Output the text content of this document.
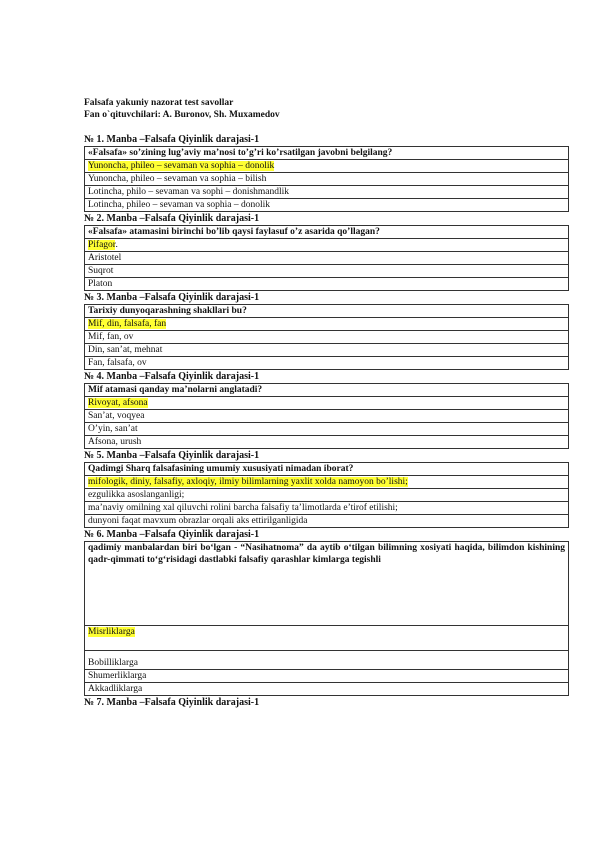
Falsafa yakuniy nazorat test savollar
Fan o`qituvchilari: A. Buronov, Sh. Muxamedov
№ 1. Manba –Falsafa Qiyinlik darajasi-1
«Falsafa» so’zining lug’aviy ma’nosi to’g’ri ko’rsatilgan javobni belgilang?
Yunoncha, phileo – sevaman va sophia – donolik
Yunoncha, phileo – sevaman va sophia – bilish
Lotincha, philo – sevaman va sophi – donishmandlik
Lotincha, phileo – sevaman va sophia – donolik
№ 2. Manba –Falsafa Qiyinlik darajasi-1
«Falsafa» atamasini birinchi bo’lib qaysi faylasuf o’z asarida qo’llagan?
Pifagor.
Aristotel
Suqrot
Platon
№ 3. Manba –Falsafa Qiyinlik darajasi-1
Tarixiy dunyoqarashning shakllari bu?
Mif, din, falsafa, fan
Mif, fan, ov
Din, san’at, mehnat
Fan, falsafa, ov
№ 4. Manba –Falsafa Qiyinlik darajasi-1
Mif atamasi qanday ma’nolarni anglatadi?
Rivoyat, afsona
San’at, voqyea
O’yin, san’at
Afsona, urush
№ 5. Manba –Falsafa Qiyinlik darajasi-1
Qadimgi Sharq falsafasining umumiy xususiyati nimadan iborat?
mifologik, diniy, falsafiy, axloqiy, ilmiy bilimlarning yaxlit xolda namoyon bo’lishi;
ezgulikka asoslanganligi;
ma’naviy omilning xal qiluvchi rolini barcha falsafiy ta’limotlarda e’tirof etilishi;
dunyoni faqat mavxum obrazlar orqali aks ettirilganligida
№ 6. Manba –Falsafa Qiyinlik darajasi-1
qadimiy manbalardan biri bo‘lgan - “Nasihatnoma” da aytib o‘tilgan bilimning xosiyati haqida, bilimdon kishining qadr-qimmati to‘g‘risidagi dastlabki falsafiy qarashlar kimlarga tegishli
Misrliklarga

Bobilliklarga

Shumerliklarga
Akkadliklarga
№ 7. Manba –Falsafa Qiyinlik darajasi-1
